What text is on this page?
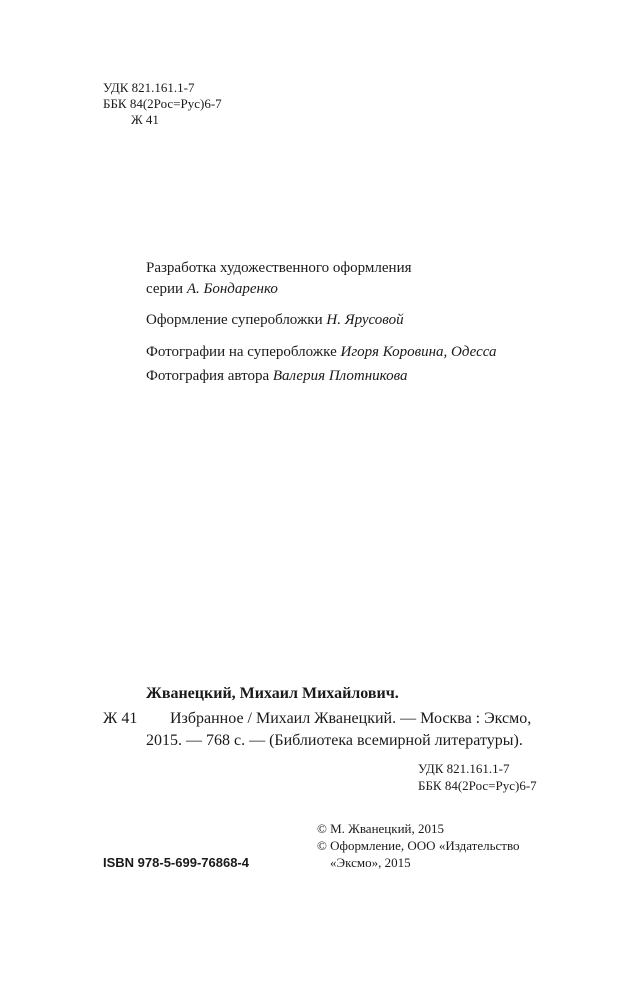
УДК 821.161.1-7
ББК 84(2Рос=Рус)6-7
Ж 41
Разработка художественного оформления
серии А. Бондаренко
Оформление суперобложки Н. Ярусовой
Фотографии на суперобложке Игоря Коровина, Одесса
Фотография автора Валерия Плотникова
Жванецкий, Михаил Михайлович.
Ж 41 Избранное / Михаил Жванецкий. — Москва : Эксмо,
2015. — 768 с. — (Библиотека всемирной литературы).
УДК 821.161.1-7
ББК 84(2Рос=Рус)6-7
ISBN 978-5-699-76868-4
© М. Жванецкий, 2015
© Оформление, ООО «Издательство
«Эксмо», 2015
